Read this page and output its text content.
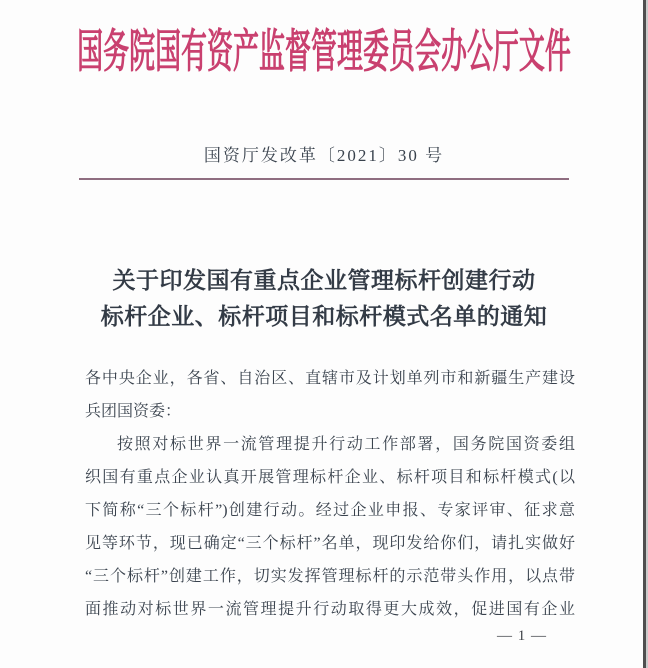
国务院国有资产监督管理委员会办公厅文件
国资厅发改革〔2021〕30 号
关于印发国有重点企业管理标杆创建行动
标杆企业、标杆项目和标杆模式名单的通知
各中央企业，各省、自治区、直辖市及计划单列市和新疆生产建设
兵团国资委：
按照对标世界一流管理提升行动工作部署，国务院国资委组
织国有重点企业认真开展管理标杆企业、标杆项目和标杆模式(以
下简称“三个标杆”)创建行动。经过企业申报、专家评审、征求意
见等环节，现已确定“三个标杆”名单，现印发给你们，请扎实做好
“三个标杆”创建工作，切实发挥管理标杆的示范带头作用，以点带
面推动对标世界一流管理提升行动取得更大成效，促进国有企业
— 1 —
